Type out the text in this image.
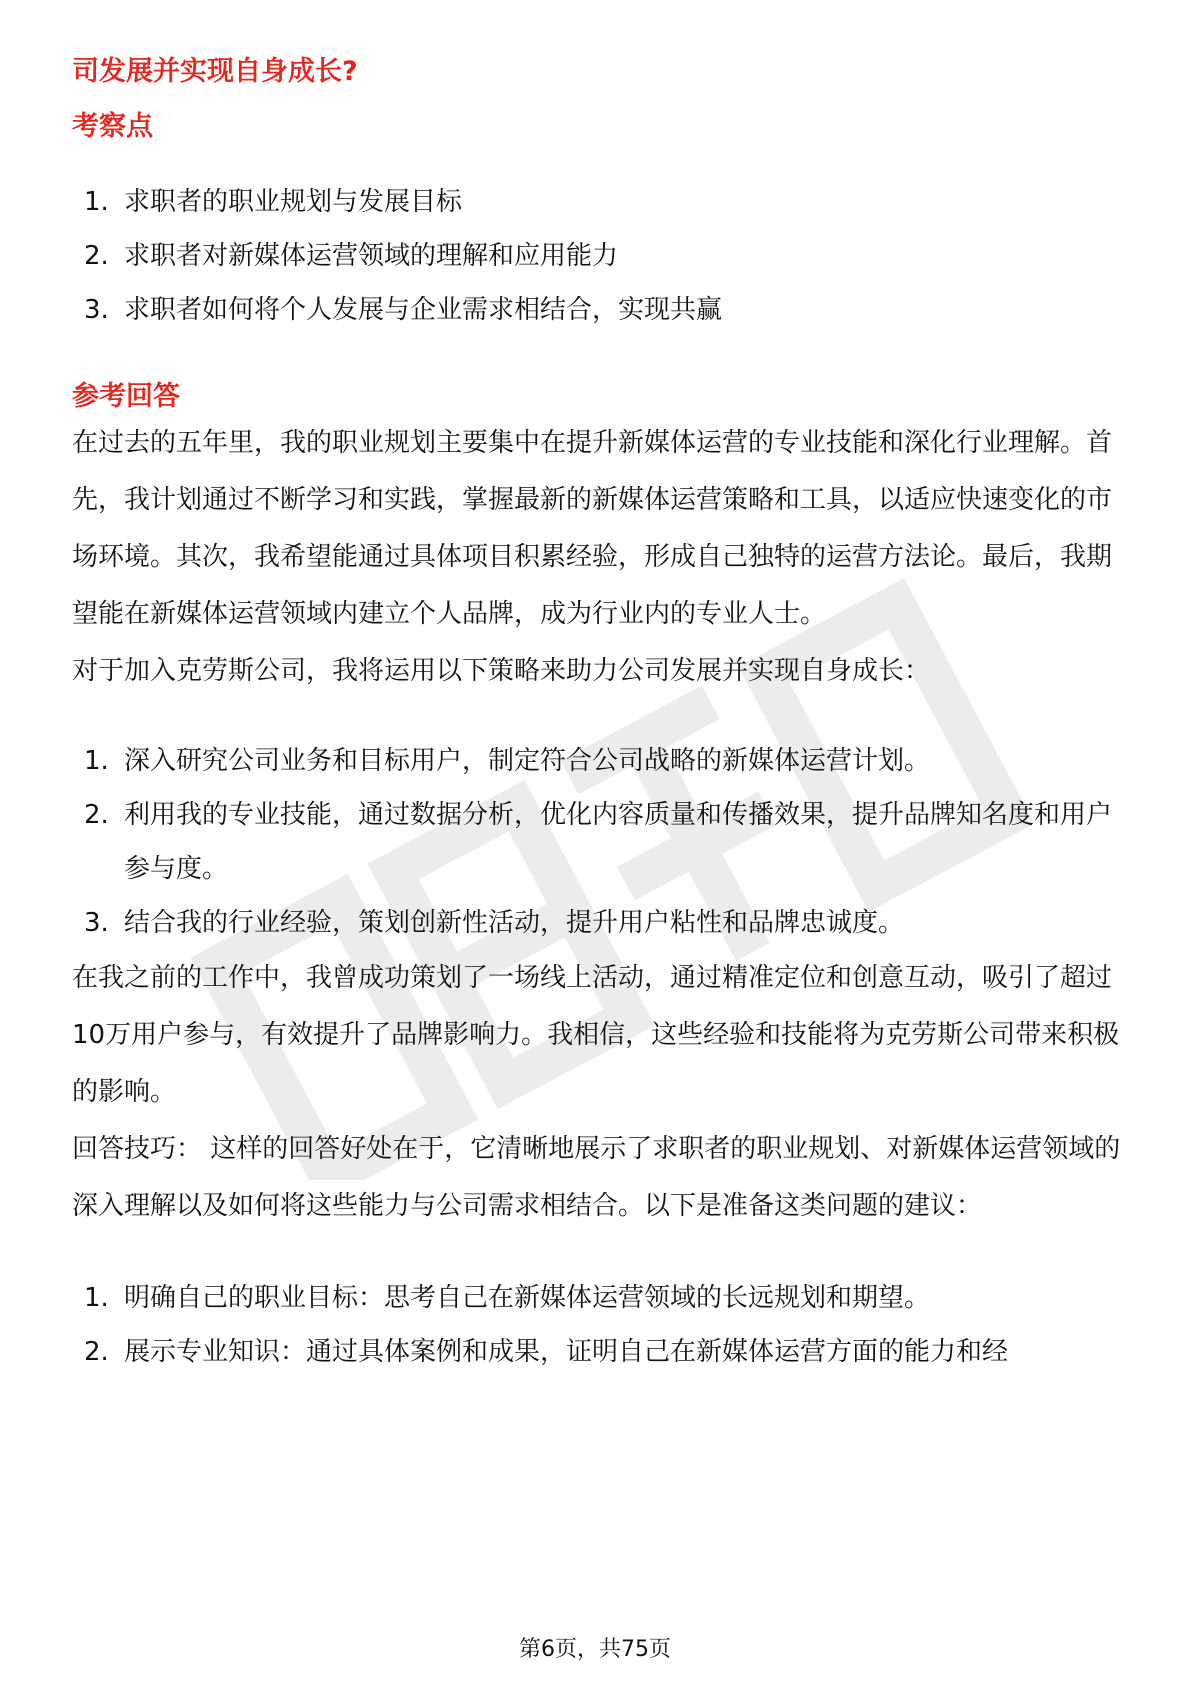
司发展并实现自身成长?
考察点
1. 求职者的职业规划与发展目标
2. 求职者对新媒体运营领域的理解和应用能力
3. 求职者如何将个人发展与企业需求相结合，实现共赢
参考回答

在过去的五年里，我的职业规划主要集中在提升新媒体运营的专业技能和深化行业理解。首先，我计划通过不断学习和实践，掌握最新的新媒体运营策略和工具，以适应快速变化的市场环境。其次，我希望能通过具体项目积累经验，形成自己独特的运营方法论。最后，我期望能在新媒体运营领域内建立个人品牌，成为行业内的专业人士。

对于加入克劳斯公司，我将运用以下策略来助力公司发展并实现自身成长：

1. 深入研究公司业务和目标用户，制定符合公司战略的新媒体运营计划。
2. 利用我的专业技能，通过数据分析，优化内容质量和传播效果，提升品牌知名度和用户参与度。
3. 结合我的行业经验，策划创新性活动，提升用户粘性和品牌忠诚度。

在我之前的工作中，我曾成功策划了一场线上活动，通过精准定位和创意互动，吸引了超过10万用户参与，有效提升了品牌影响力。我相信，这些经验和技能将为克劳斯公司带来积极的影响。

回答技巧： 这样的回答好处在于，它清晰地展示了求职者的职业规划、对新媒体运营领域的深入理解以及如何将这些能力与公司需求相结合。以下是准备这类问题的建议：

1. 明确自己的职业目标：思考自己在新媒体运营领域的长远规划和期望。
2. 展示专业知识：通过具体案例和成果，证明自己在新媒体运营方面的能力和经
第6页，共75页
